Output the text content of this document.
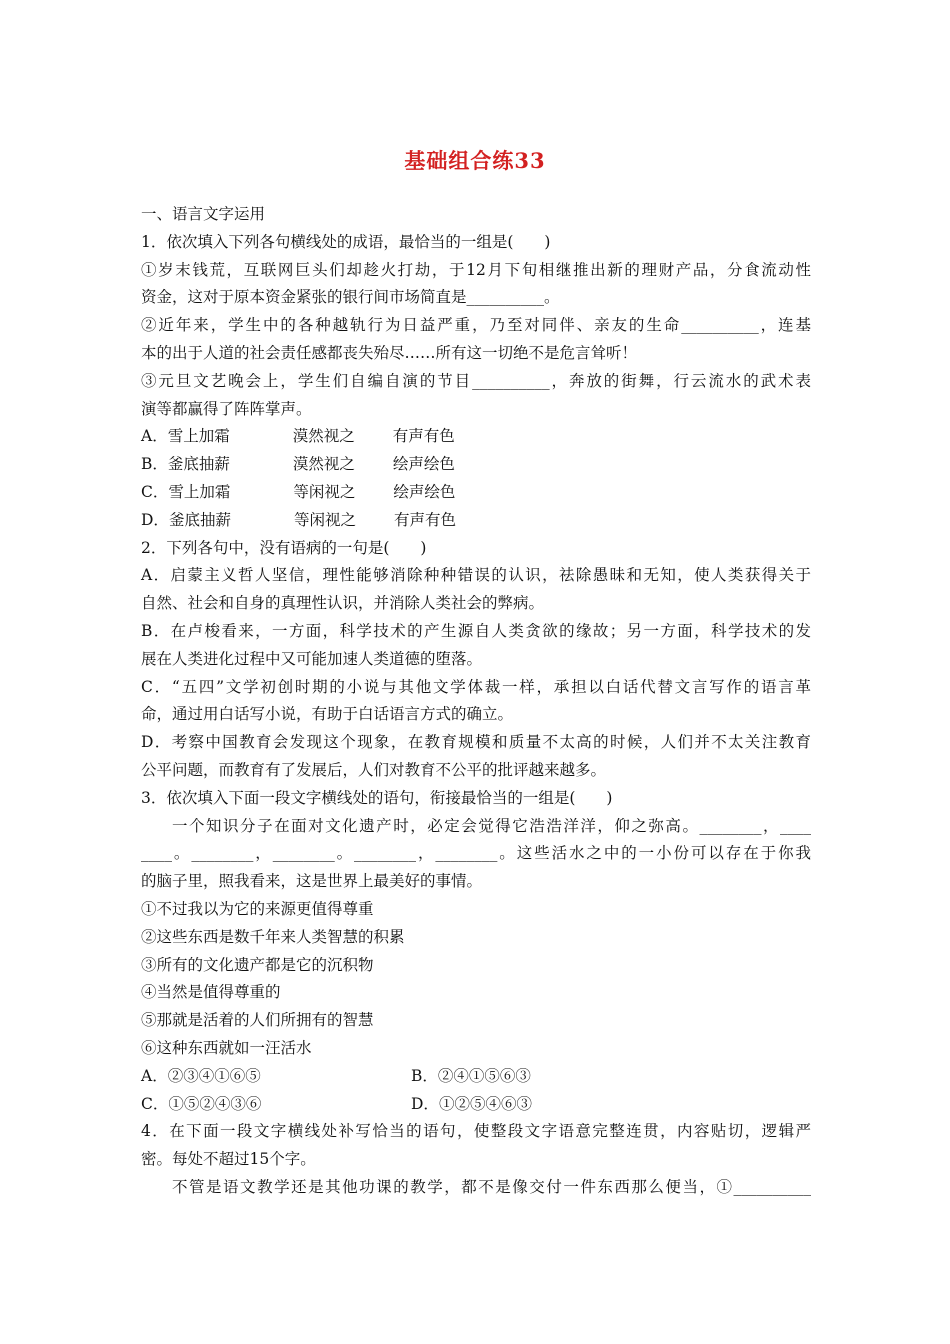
基础组合练33
一、语言文字运用
1．依次填入下列各句横线处的成语，最恰当的一组是(　　)
①岁末钱荒，互联网巨头们却趁火打劫，于12月下旬相继推出新的理财产品，分食流动性
资金，这对于原本资金紧张的银行间市场简直是__________。
②近年来，学生中的各种越轨行为日益严重，乃至对同伴、亲友的生命__________，连基
本的出于人道的社会责任感都丧失殆尽……所有这一切绝不是危言耸听！
③元旦文艺晚会上，学生们自编自演的节目__________，奔放的街舞，行云流水的武术表
演等都赢得了阵阵掌声。
A．雪上加霜	漠然视之 有声有色
B．釜底抽薪	漠然视之 绘声绘色
C．雪上加霜	等闲视之 绘声绘色
D．釜底抽薪	等闲视之 有声有色
2．下列各句中，没有语病的一句是(　　)
A．启蒙主义哲人坚信，理性能够消除种种错误的认识，祛除愚昧和无知，使人类获得关于
自然、社会和自身的真理性认识，并消除人类社会的弊病。
B．在卢梭看来，一方面，科学技术的产生源自人类贪欲的缘故；另一方面，科学技术的发
展在人类进化过程中又可能加速人类道德的堕落。
C．“五四”文学初创时期的小说与其他文学体裁一样，承担以白话代替文言写作的语言革
命，通过用白话写小说，有助于白话语言方式的确立。
D．考察中国教育会发现这个现象，在教育规模和质量不太高的时候，人们并不太关注教育
公平问题，而教育有了发展后，人们对教育不公平的批评越来越多。
3．依次填入下面一段文字横线处的语句，衔接最恰当的一组是(　　)
一个知识分子在面对文化遗产时，必定会觉得它浩浩洋洋，仰之弥高。________，____
____。________，________。________，________。这些活水之中的一小份可以存在于你我
的脑子里，照我看来，这是世界上最美好的事情。
①不过我以为它的来源更值得尊重
②这些东西是数千年来人类智慧的积累
③所有的文化遗产都是它的沉积物
④当然是值得尊重的
⑤那就是活着的人们所拥有的智慧
⑥这种东西就如一汪活水
A．②③④①⑥⑤	B．②④①⑤⑥③
C．①⑤②④③⑥	D．①②⑤④⑥③
4．在下面一段文字横线处补写恰当的语句，使整段文字语意完整连贯，内容贴切，逻辑严
密。每处不超过15个字。
不管是语文教学还是其他功课的教学，都不是像交付一件东西那么便当，①__________
